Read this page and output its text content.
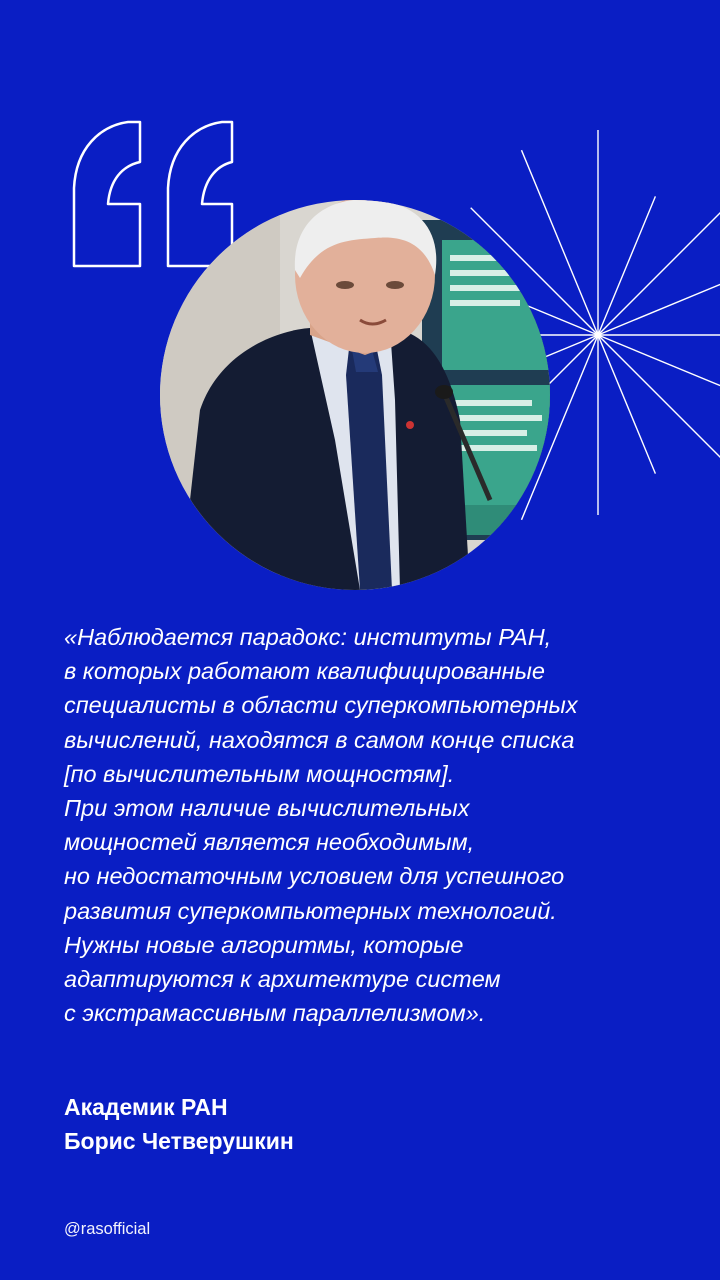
«Наблюдается парадокс: институты РАН,
в которых работают квалифицированные
специалисты в области суперкомпьютерных
вычислений, находятся в самом конце списка
[по вычислительным мощностям].
При этом наличие вычислительных
мощностей является необходимым,
но недостаточным условием для успешного
развития суперкомпьютерных технологий.
Нужны новые алгоритмы, которые
адаптируются к архитектуре систем
с экстрамассивным параллелизмом».
Академик РАН
Борис Четверушкин
@rasofficial
